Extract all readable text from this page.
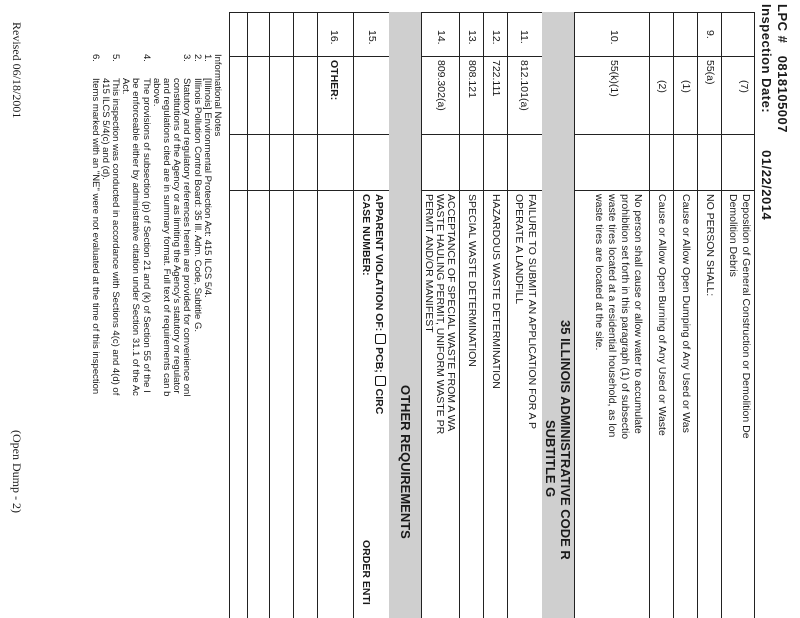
LPC #   0818105007
Inspection Date:         01/22/2014
(7)
Deposition of General Construction or Demolition De
Demolition Debris
9.
55(a)
NO PERSON SHALL:
(1)
Cause or Allow Open Dumping of Any Used or Was
(2)
Cause or Allow Open Burning of Any Used or Waste
10.
55(k)(1)
No person shall cause or allow water to accumulate
prohibition set forth in this paragraph (1) of subsectio
waste tires located at a residential household, as lon
waste tires are located at the site.
35 ILLINOIS ADMINISTRATIVE CODE R
SUBTITLE G
11.
812.101(a)
FAILURE TO SUBMIT AN APPLICATION FOR A P
OPERATE A LANDFILL
12.
722.111
HAZARDOUS WASTE DETERMINATION
13.
808.121
SPECIAL WASTE DETERMINATION
14.
809.302(a)
ACCEPTANCE OF SPECIAL WASTE FROM A WA
WASTE HAULING PERMIT, UNIFORM WASTE PR
PERMIT AND/OR MANIFEST
OTHER REQUIREMENTS
15.
APPARENT VIOLATION OF:  PCB;  CIRC
CASE NUMBER:
ORDER ENTI
16.
OTHER:
Informational Notes
1.[Illinois] Environmental Protection Act: 415 ILCS 5/4.
2.Illinois Pollution Control Board: 35 Ill. Adm. Code, Subtitle G.
3.Statutory and regulatory references herein are provided for convenience onl
constitutions of the Agency or as limiting the Agency's statutory or regulator
and regulations cited are in summary format. Full text of requirements can b
above.
4.The provisions of subsection (p) of Section 21 and (k) of Section 55 of the I
be enforceable either by administrative citation under Section 31.1 of the Ac
Act.
5.This inspection was conducted in accordance with Sections 4(c) and 4(d) of
415 ILCS 5/4(c) and (d).
6.Items marked with an "NE" were not evaluated at the time of this inspection
Revised 06/18/2001
(Open Dump - 2)
